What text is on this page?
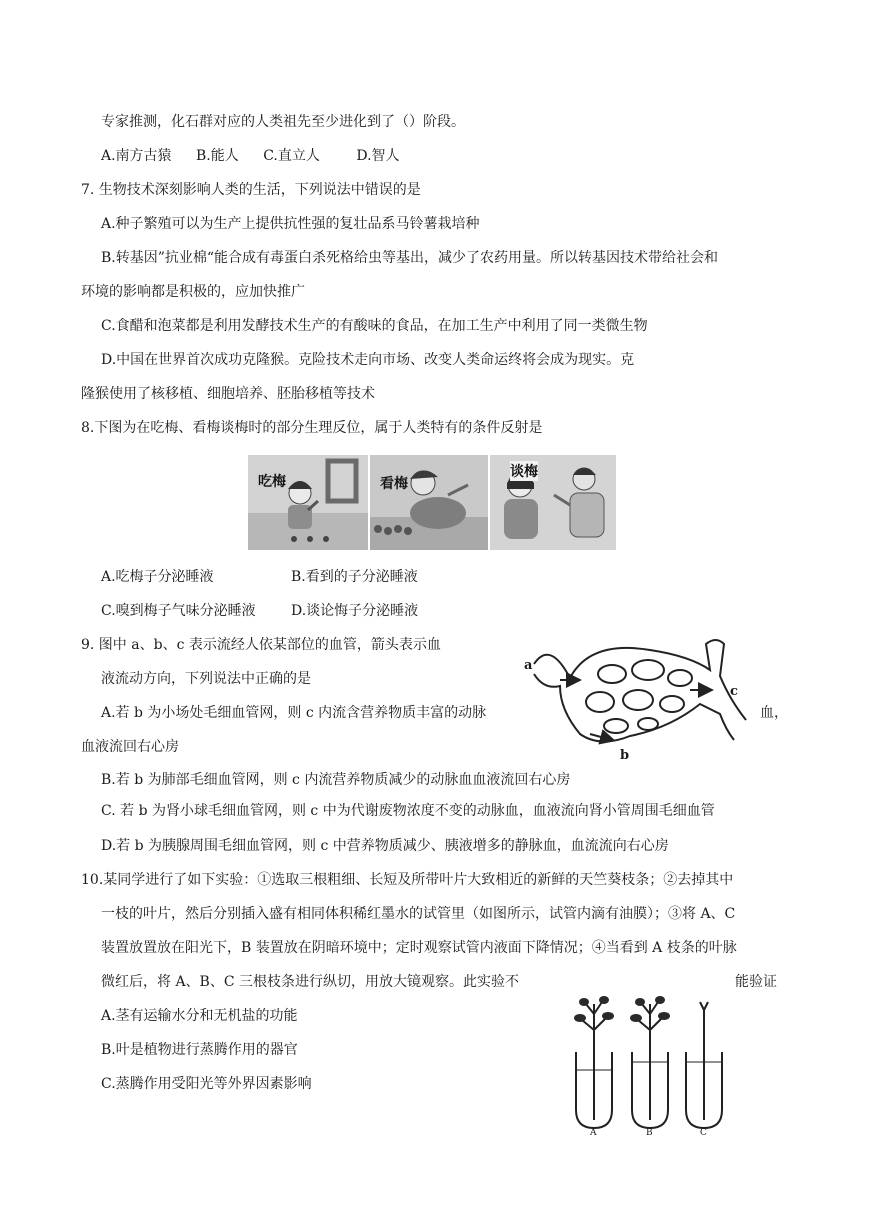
专家推测，化石群对应的人类祖先至少进化到了（）阶段。
A.南方古猿 B.能人 C.直立人	D.智人
7. 生物技术深刻影响人类的生活，下列说法中错误的是
A.种子繁殖可以为生产上提供抗性强的复壮品系马铃薯栽培种
B.转基因”抗业棉“能合成有毒蛋白杀死格给虫等基出，减少了农药用量。所以转基因技术带给社会和
环境的影响都是积极的，应加快推广
C.食醋和泡菜都是利用发酵技术生产的有酸味的食品，在加工生产中利用了同一类微生物
D.中国在世界首次成功克隆猴。克险技术走向市场、改变人类命运终将会成为现实。克
隆猴使用了核移植、细胞培养、胚胎移植等技术
8.下图为在吃梅、看梅谈梅时的部分生理反位，属于人类特有的条件反射是
吃梅	看梅
谈梅
A.吃梅子分泌睡液	B.看到的子分泌睡液
C.嗅到梅子气味分泌睡液	D.谈论悔子分泌睡液
9. 图中 a、b、c 表示流经人依某部位的血管，箭头表示血
液流动方向，下列说法中正确的是
A.若 b 为小场处毛细血管网，则 c 内流含营养物质丰富的动脉	血，
血液流回右心房
B.若 b 为肺部毛细血管网，则 c 内流营养物质减少的动脉血血液流回右心房
C. 若 b 为肾小球毛细血管网，则 c 中为代谢废物浓度不变的动脉血，血液流向肾小管周围毛细血管
D.若 b 为胰腺周围毛细血管网，则 c 中营养物质减少、胰液增多的静脉血，血流流向右心房
a
b
c
10.某同学进行了如下实验：①选取三根粗细、长短及所带叶片大致相近的新鲜的天竺葵枝条；②去掉其中
一枝的叶片，然后分别插入盛有相同体积稀红墨水的试管里（如图所示，试管内滴有油膜）；③将 A、C
装置放置放在阳光下，B 装置放在阴暗环境中；定时观察试管内液面下降情况；④当看到 A 枝条的叶脉
微红后，将 A、B、C 三根枝条进行纵切，用放大镜观察。此实验不	能验证
A.茎有运输水分和无机盐的功能
B.叶是植物进行蒸腾作用的器官
C.蒸腾作用受阳光等外界因素影响
A	B	C
